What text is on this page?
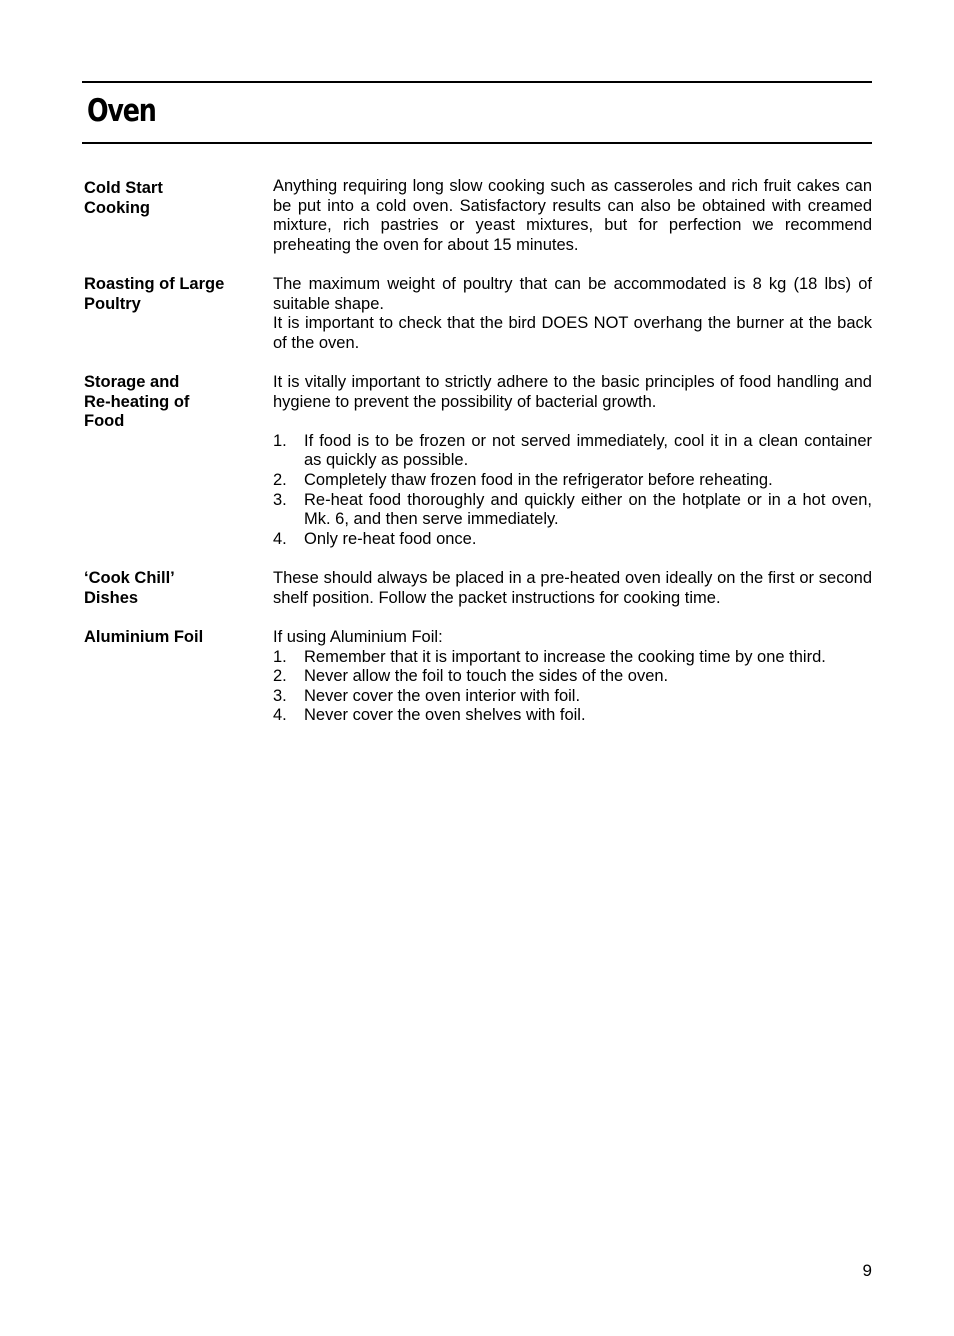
Oven
Cold Start
Cooking

Anything requiring long slow cooking such as casseroles and rich fruit cakes can be put into a cold oven. Satisfactory results can also be obtained with creamed mixture, rich pastries or yeast mixtures, but for perfection we recommend preheating the oven for about 15 minutes.

Roasting of Large
Poultry

The maximum weight of poultry that can be accommodated is 8 kg (18 lbs) of suitable shape.

It is important to check that the bird DOES NOT overhang the burner at the back of the oven.

Storage and
Re-heating of
Food

It is vitally important to strictly adhere to the basic principles of food handling and hygiene to prevent the possibility of bacterial growth.

1. If food is to be frozen or not served immediately, cool it in a clean container as quickly as possible.
2. Completely thaw frozen food in the refrigerator before reheating.
3. Re-heat food thoroughly and quickly either on the hotplate or in a hot oven, Mk. 6, and then serve immediately.
4. Only re-heat food once.
‘Cook Chill’
Dishes

These should always be placed in a pre-heated oven ideally on the first or second shelf position. Follow the packet instructions for cooking time.

Aluminium Foil	If using Aluminium Foil:

1. Remember that it is important to increase the cooking time by one third.
2. Never allow the foil to touch the sides of the oven.
3. Never cover the oven interior with foil.
4. Never cover the oven shelves with foil.
9
